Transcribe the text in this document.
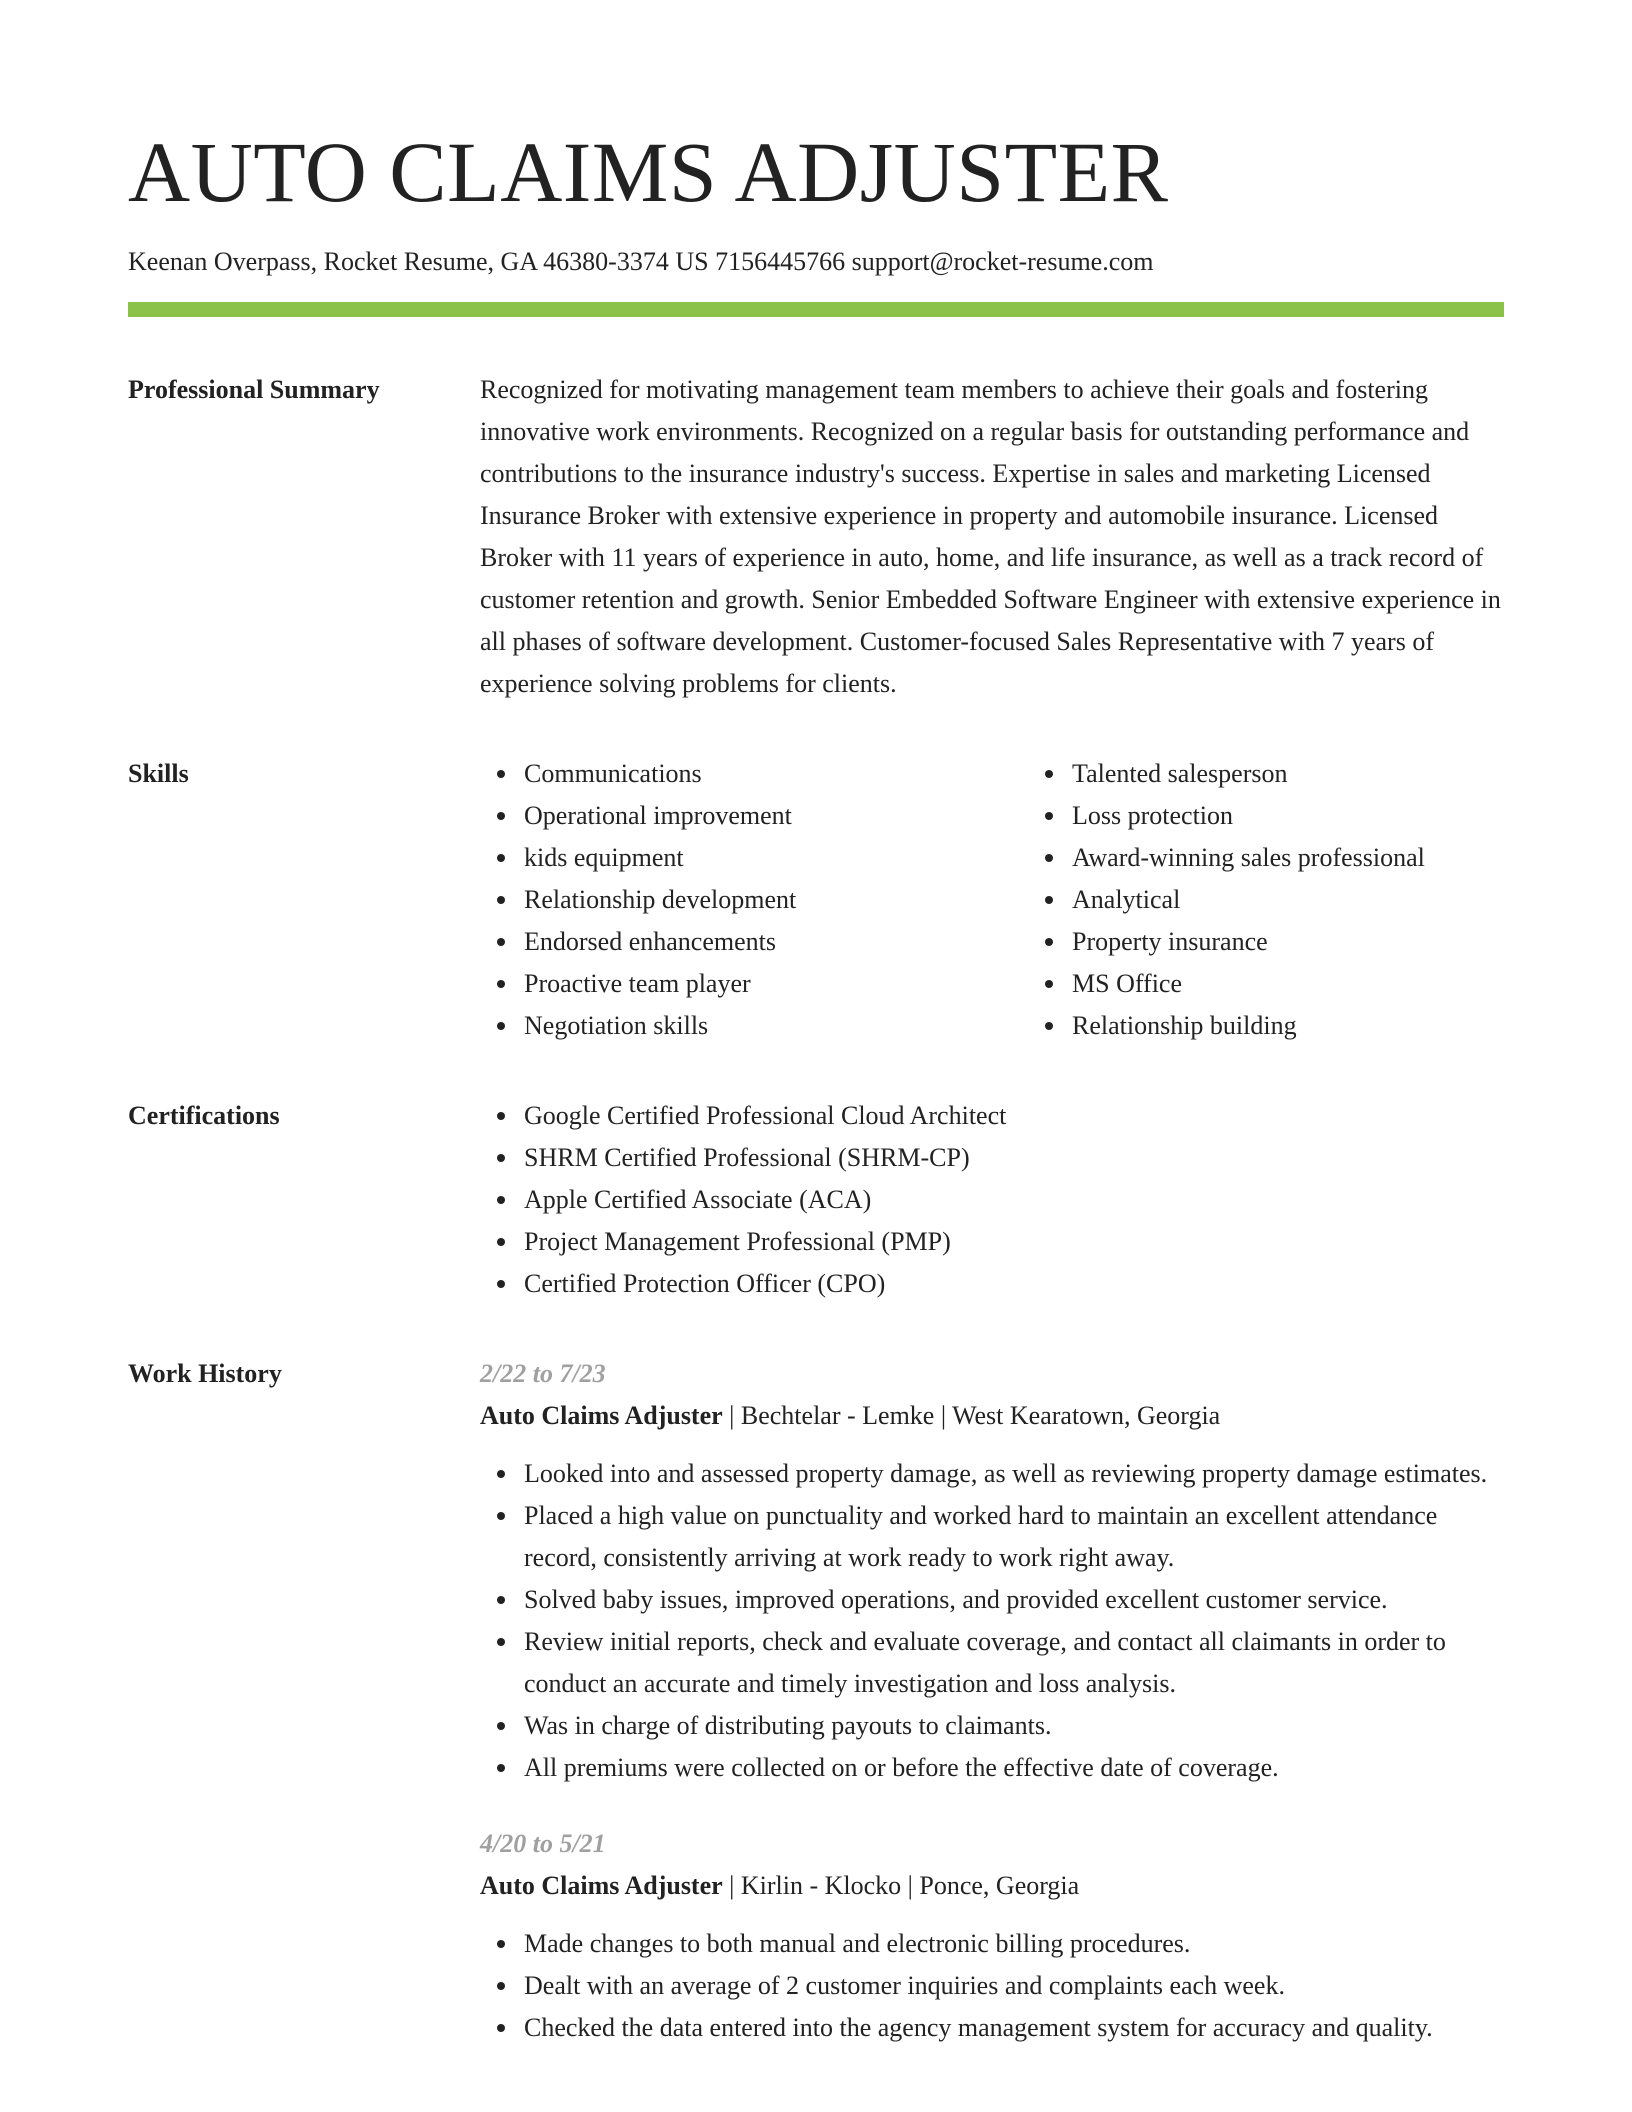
AUTO CLAIMS ADJUSTER
Keenan Overpass, Rocket Resume, GA 46380-3374 US 7156445766 support@rocket-resume.com
Professional Summary	Recognized for motivating management team members to achieve their goals and fostering innovative work environments. Recognized on a regular basis for outstanding performance and contributions to the insurance industry's success. Expertise in sales and marketing Licensed Insurance Broker with extensive experience in property and automobile insurance. Licensed Broker with 11 years of experience in auto, home, and life insurance, as well as a track record of customer retention and growth. Senior Embedded Software Engineer with extensive experience in all phases of software development. Customer-focused Sales Representative with 7 years of experience solving problems for clients.

Skills	Communications
Operational improvement
kids equipment
Relationship development
Endorsed enhancements
Proactive team player
Negotiation skills
Talented salesperson
Loss protection
Award-winning sales professional
Analytical
Property insurance
MS Office
Relationship building
Certifications	Google Certified Professional Cloud Architect
SHRM Certified Professional (SHRM-CP)
Apple Certified Associate (ACA)
Project Management Professional (PMP)
Certified Protection Officer (CPO)
Work History	2/22 to 7/23
Auto Claims Adjuster | Bechtelar - Lemke | West Kearatown, Georgia
Looked into and assessed property damage, as well as reviewing property damage estimates.
Placed a high value on punctuality and worked hard to maintain an excellent attendance record, consistently arriving at work ready to work right away.
Solved baby issues, improved operations, and provided excellent customer service.
Review initial reports, check and evaluate coverage, and contact all claimants in order to conduct an accurate and timely investigation and loss analysis.
Was in charge of distributing payouts to claimants.
All premiums were collected on or before the effective date of coverage.
4/20 to 5/21
Auto Claims Adjuster | Kirlin - Klocko | Ponce, Georgia
Made changes to both manual and electronic billing procedures.
Dealt with an average of 2 customer inquiries and complaints each week.
Checked the data entered into the agency management system for accuracy and quality.
